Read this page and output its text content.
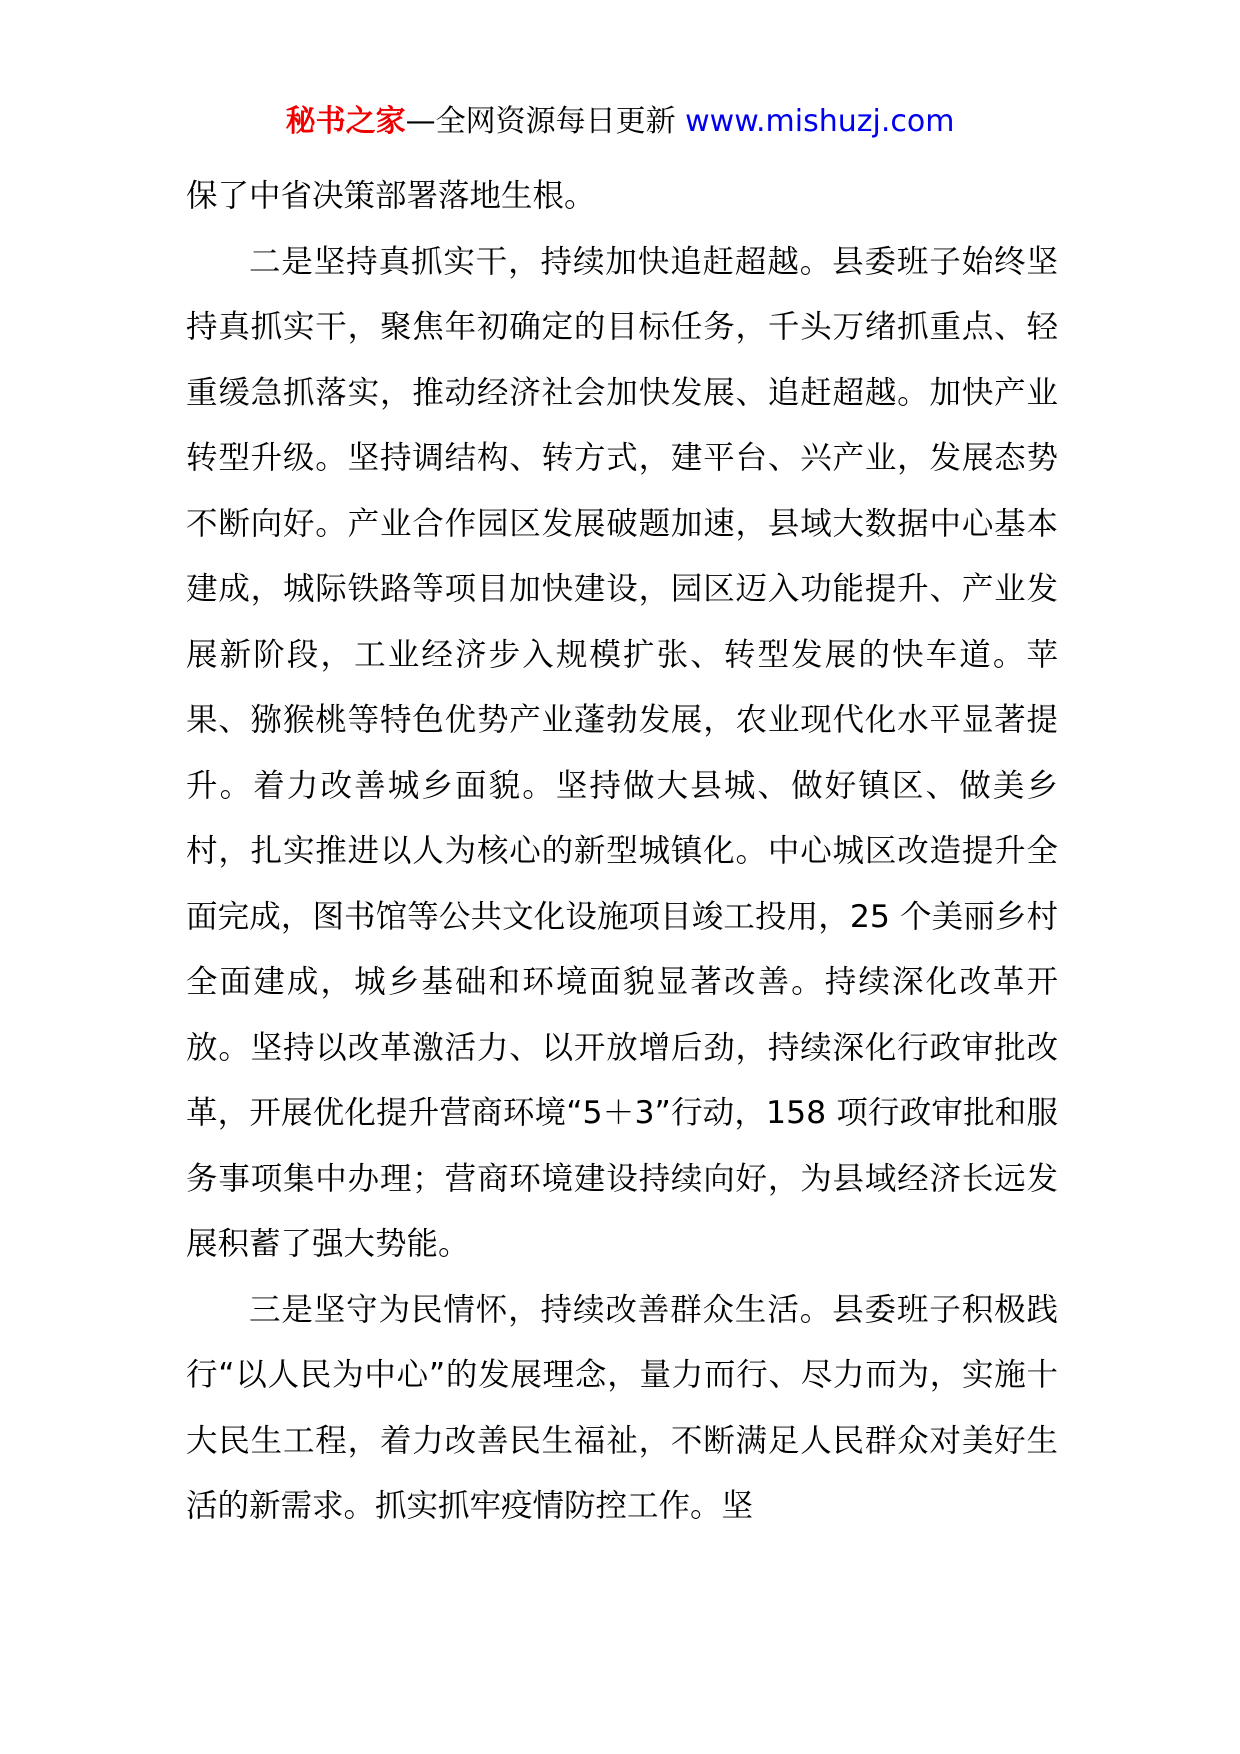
秘书之家—全网资源每日更新 www.mishuzj.com

保了中省决策部署落地生根。

二是坚持真抓实干，持续加快追赶超越。县委班子始终坚持真抓实干，聚焦年初确定的目标任务，千头万绪抓重点、轻重缓急抓落实，推动经济社会加快发展、追赶超越。加快产业转型升级。坚持调结构、转方式，建平台、兴产业，发展态势不断向好。产业合作园区发展破题加速，县域大数据中心基本建成，城际铁路等项目加快建设，园区迈入功能提升、产业发展新阶段，工业经济步入规模扩张、转型发展的快车道。苹果、猕猴桃等特色优势产业蓬勃发展，农业现代化水平显著提升。着力改善城乡面貌。坚持做大县城、做好镇区、做美乡村，扎实推进以人为核心的新型城镇化。中心城区改造提升全面完成，图书馆等公共文化设施项目竣工投用，25 个美丽乡村全面建成，城乡基础和环境面貌显著改善。持续深化改革开放。坚持以改革激活力、以开放增后劲，持续深化行政审批改革，开展优化提升营商环境“5＋3”行动，158 项行政审批和服务事项集中办理；营商环境建设持续向好，为县域经济长远发展积蓄了强大势能。

三是坚守为民情怀，持续改善群众生活。县委班子积极践行“以人民为中心”的发展理念，量力而行、尽力而为，实施十大民生工程，着力改善民生福祉，不断满足人民群众对美好生活的新需求。抓实抓牢疫情防控工作。坚
